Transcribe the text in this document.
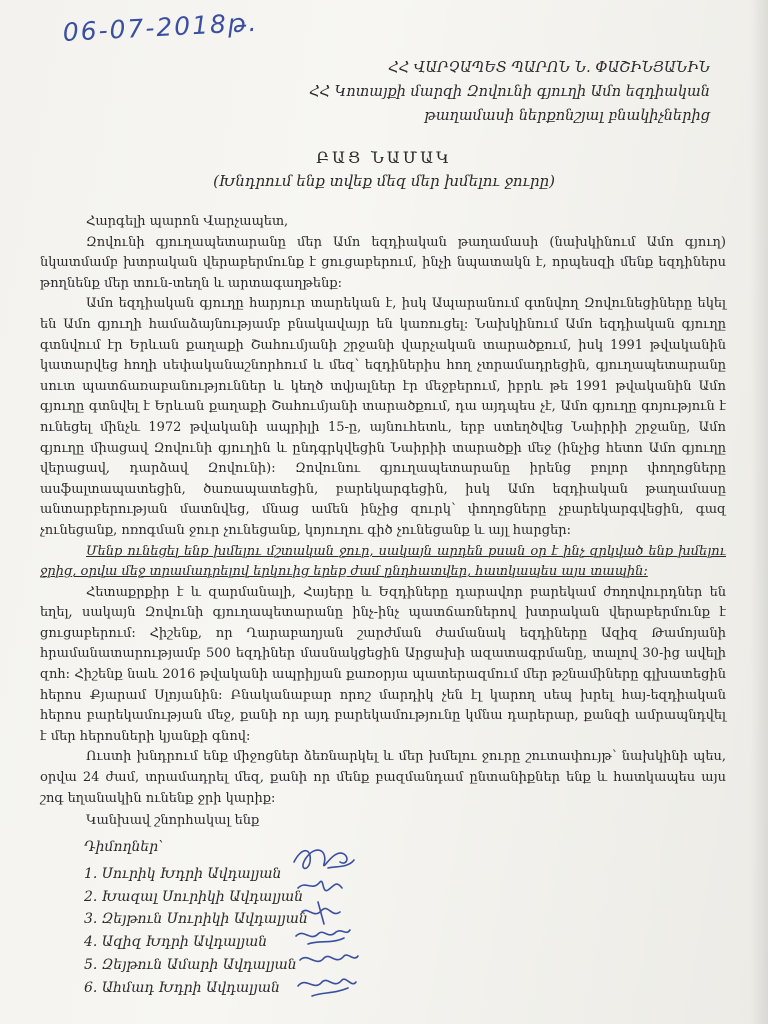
06-07-2018թ.
ՀՀ ՎԱՐՉԱՊԵՏ ՊԱՐՈՆ Ն. ՓԱՇԻՆՅԱՆԻՆ
ՀՀ Կոտայքի մարզի Զովունի գյուղի Ամո եզդիական
թաղամասի ներքոնշյալ բնակիչներից
ԲԱՑ ՆԱՄԱԿ
(Խնդրում ենք տվեք մեզ մեր խմելու ջուրը)

Հարգելի պարոն Վարչապետ,

Զովունի գյուղապետարանը մեր Ամո եզդիական թաղամասի (նախկինում Ամո գյուղ) նկատմամբ խտրական վերաբերմունք է ցուցաբերում, ինչի նպատակն է, որպեսզի մենք եզդիներս թողնենք մեր տուն-տեղն և արտագաղթենք:

Ամո եզդիական գյուղը հարյուր տարեկան է, իսկ Ապարանում գտնվող Զովունեցիները եկել են Ամո գյուղի համաձայնությամբ բնակավայր են կառուցել: Նախկինում Ամո եզդիական գյուղը գտնվում էր Երևան քաղաքի Շահումյանի շրջանի վարչական տարածքում, իսկ 1991 թվականին կատարվեց հողի սեփականաշնորհում և մեզ՝ եզդիներիս հող չտրամադրեցին, գյուղապետարանը սուտ պատճառաբանություններ և կեղծ տվյալներ էր մեջբերում, իբրև թե 1991 թվականին Ամո գյուղը գտնվել է Երևան քաղաքի Շահումյանի տարածքում, դա այդպես չէ, Ամո գյուղը գոյություն է ունեցել մինչև 1972 թվականի ապրիլի 15-ը, այնուհետև, երբ ստեղծվեց Նաիրիի շրջանը, Ամո գյուղը միացավ Զովունի գյուղին և ընդգրկվեցին Նաիրիի տարածքի մեջ (ինչից հետո Ամո գյուղը վերացավ, դարձավ Զովունի): Զովունու գյուղապետարանը իրենց բոլոր փողոցները ասֆալտապատեցին, ծառապատեցին, բարեկարգեցին, իսկ Ամո եզդիական թաղամասը անտարբերության մատնվեց, մնաց ամեն ինչից զուրկ՝ փողոցները չբարեկարգվեցին, գազ չունեցանք, ոռոգման ջուր չունեցանք, կոյուղու գիծ չունեցանք և այլ հարցեր:

Մենք ունեցել ենք խմելու մշտական ջուր, սակայն արդեն քսան օր է ինչ զրկված ենք խմելու ջրից, օրվա մեջ տրամադրելով երկուից երեք ժամ ընդհատվեր, հատկապես այս տապին:

Հետաքրքիր է և զարմանալի, Հայերը և Եզդիները դարավոր բարեկամ ժողովուրդներ են եղել, սակայն Զովունի գյուղապետարանը ինչ-ինչ պատճառներով խտրական վերաբերմունք է ցուցաբերում: Հիշենք, որ Ղարաբաղյան շարժման ժամանակ եզդիները Ազիզ Թամոյանի հրամանատարությամբ 500 եզդիներ մասնակցեցին Արցախի ազատագրմանը, տալով 30-ից ավելի զոհ: Հիշենք նաև 2016 թվականի ապրիլյան քառօրյա պատերազմում մեր թշնամիները գլխատեցին հերոս Քյարամ Սլոյանին: Բնականաբար որոշ մարդիկ չեն էլ կարող սեպ խրել հայ-եզդիական հերոս բարեկամության մեջ, քանի որ այդ բարեկամությունը կմնա դարերար, քանզի ամրապնդվել է մեր հերոսների կյանքի գնով:

Ուստի խնդրում ենք միջոցներ ձեռնարկել և մեր խմելու ջուրը շուտափույթ՝ նախկինի պես, օրվա 24 ժամ, տրամադրել մեզ, քանի որ մենք բազմանդամ ընտանիքներ ենք և հատկապես այս շոգ եղանակին ունենք ջրի կարիք:

Կանխավ շնորհակալ ենք

Դիմողներ՝
1. Սուրիկ Խդրի Ավդալյան
2. Խազալ Սուրիկի Ավդալյան
3. Զեյթուն Սուրիկի Ավդալյան
4. Ազիզ Խդրի Ավդալյան
5. Զեյթուն Ամարի Ավդալյան
6. Ահմադ Խդրի Ավդալյան
